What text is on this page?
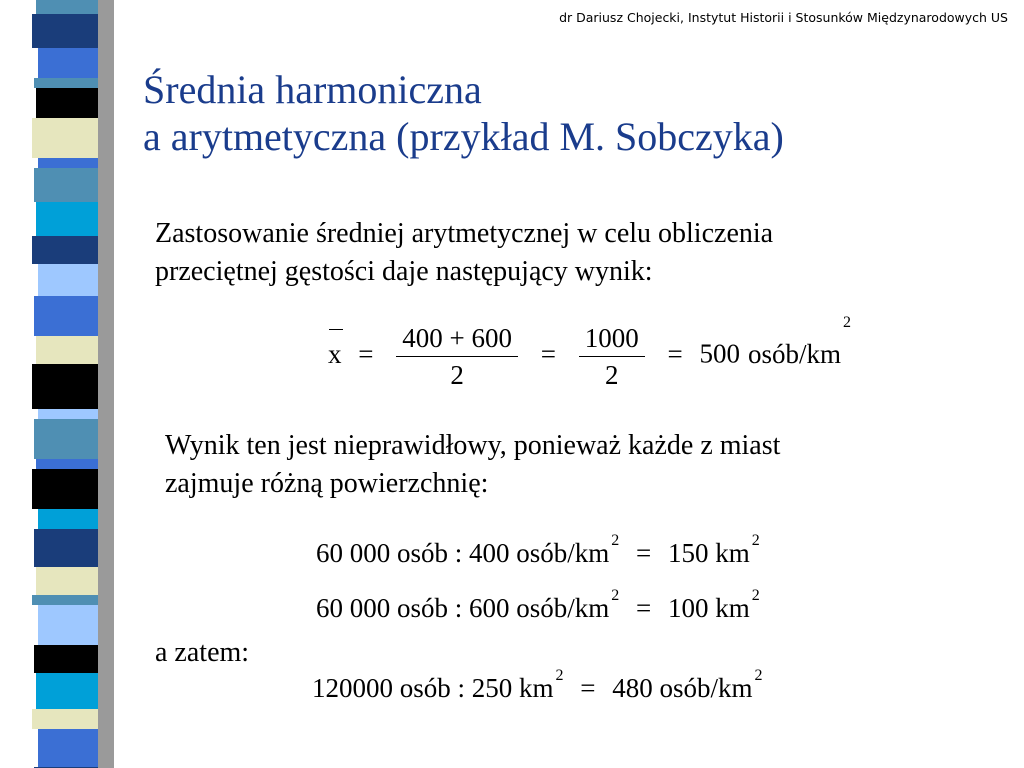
dr Dariusz Chojecki, Instytut Historii i Stosunków Międzynarodowych US
Średnia harmoniczna
a arytmetyczna (przykład M. Sobczyka)

Zastosowanie średniej arytmetycznej w celu obliczenia
przeciętnej gęstości daje następujący wynik:

$x = \frac{400 + 600}{2} = \frac{1000}{2} = 500$ osób/$km^2$

Wynik ten jest nieprawidłowy, ponieważ każde z miast
zajmuje różną powierzchnię:

60 000 osób : 400 osób/km $^2$ = 150 km $^2$
60 000 osób : 600 osób/km $^2$ = 100 km $^2$
a zatem:
120000 osób : 250 km $^2$ = 480 osób/km $^2$
